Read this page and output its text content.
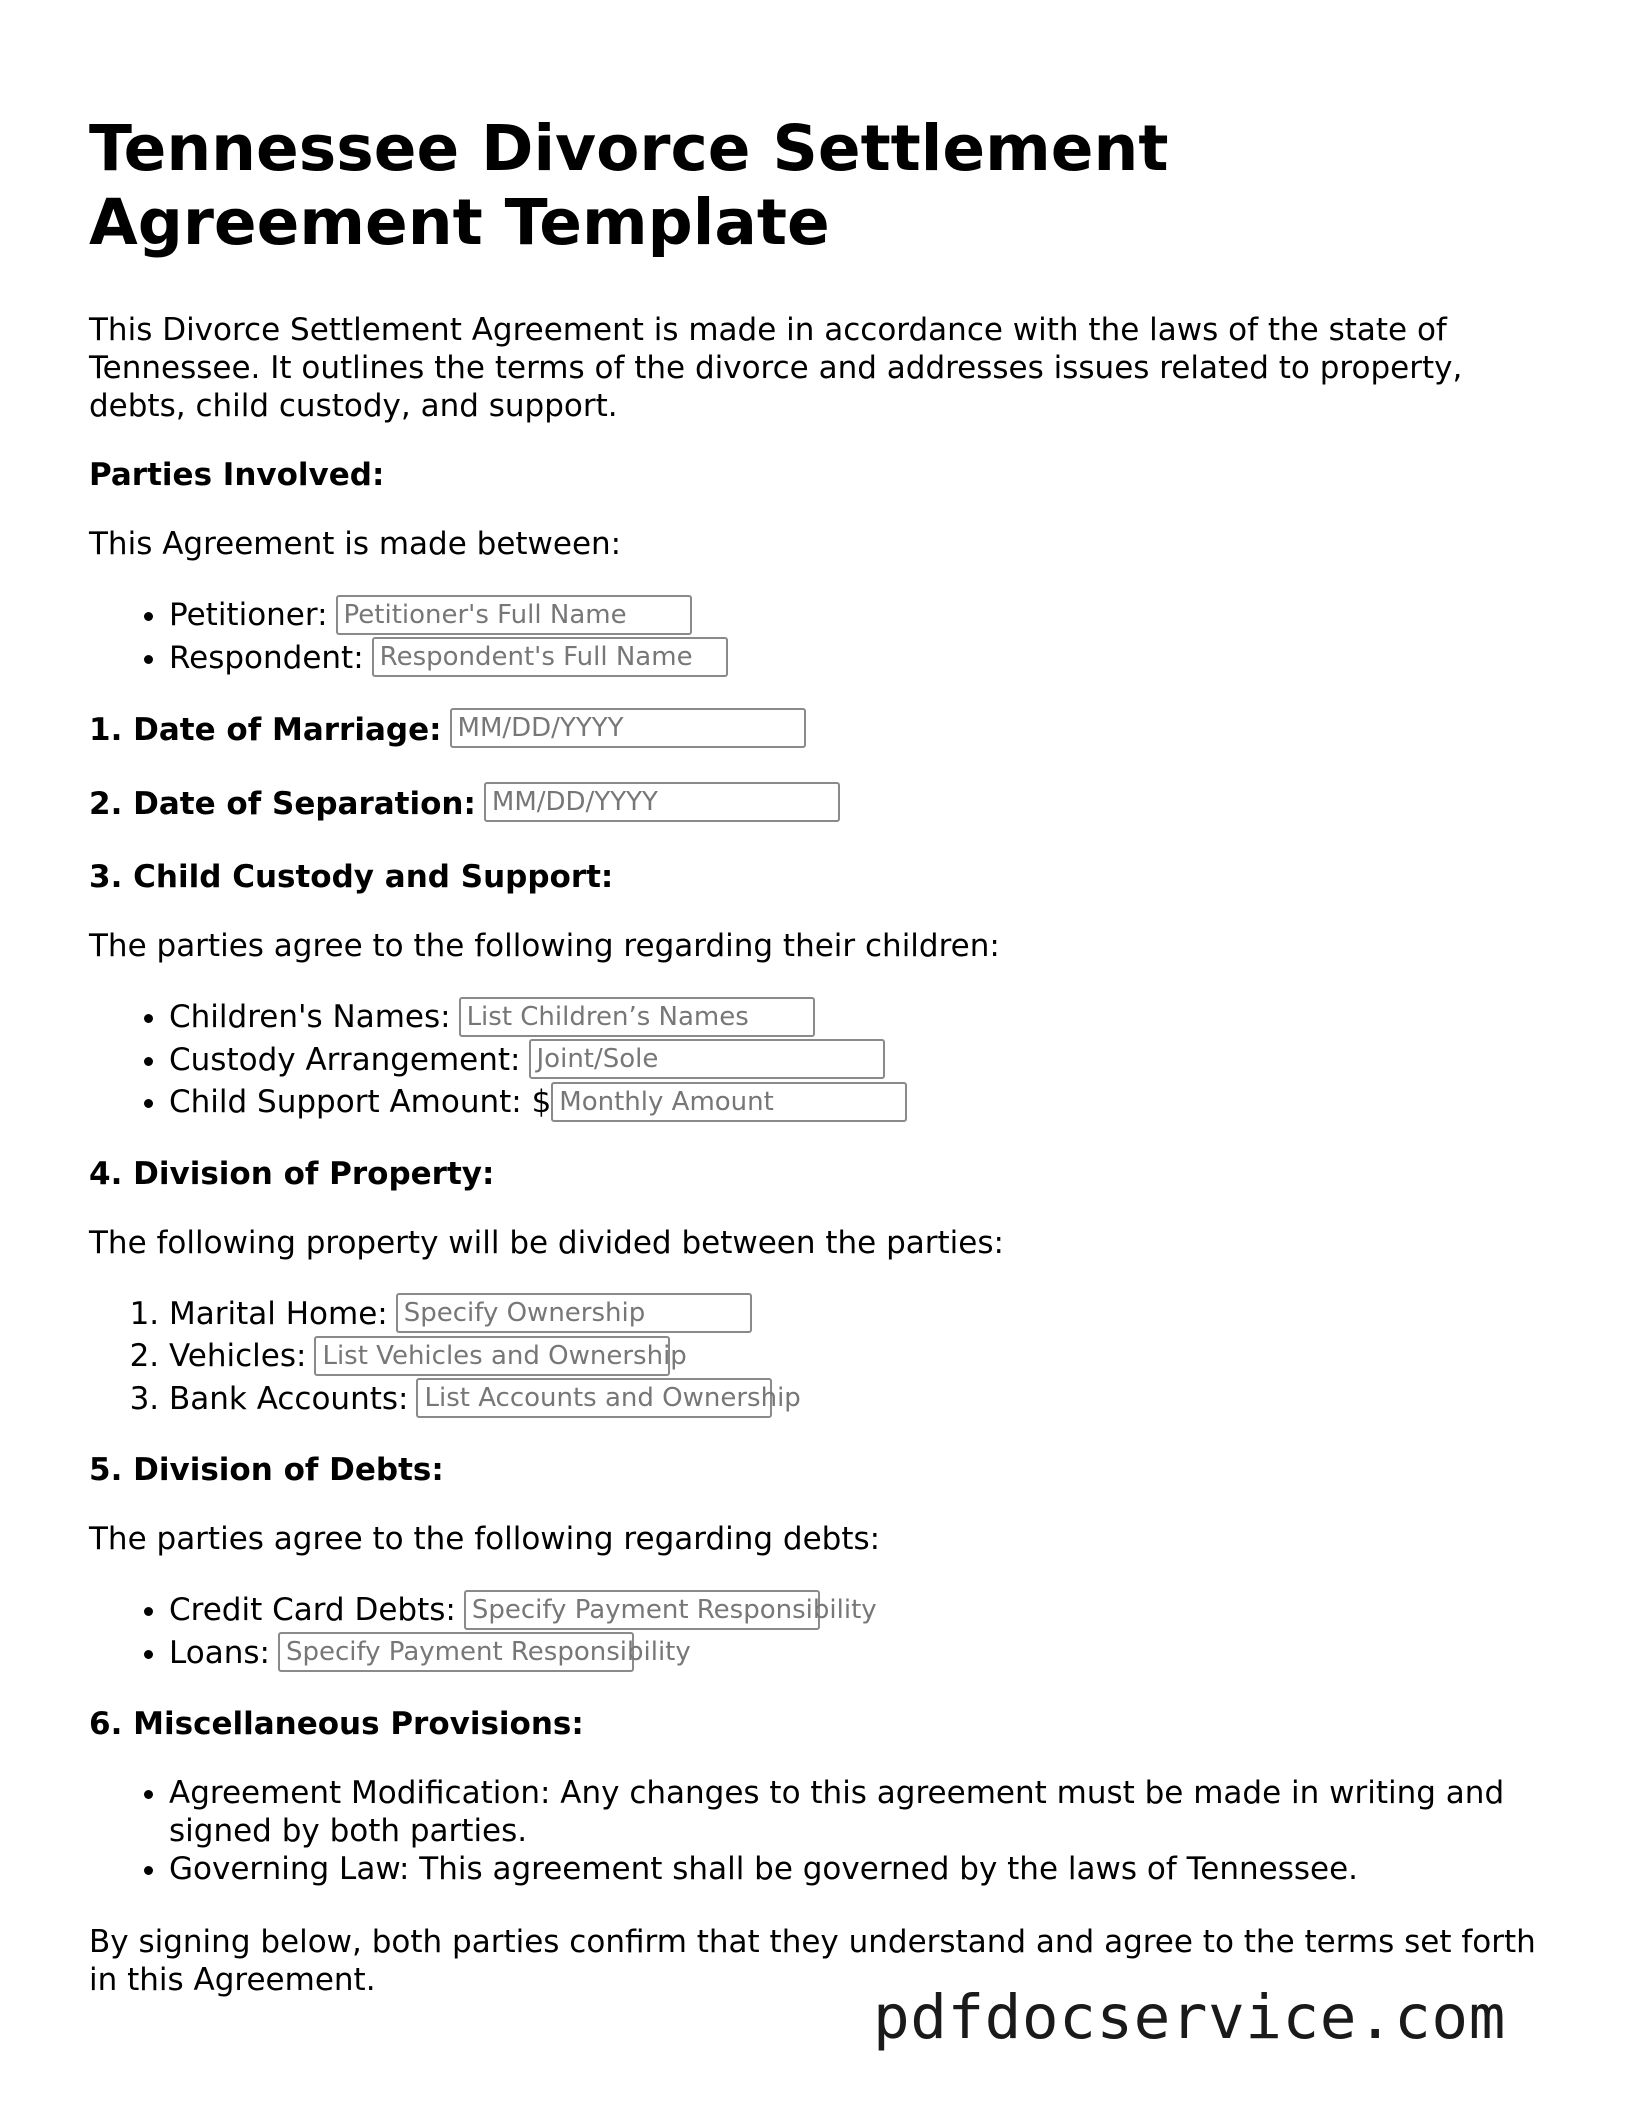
Tennessee Divorce Settlement Agreement Template

This Divorce Settlement Agreement is made in accordance with the laws of the state of Tennessee. It outlines the terms of the divorce and addresses issues related to property, debts, child custody, and support.

Parties Involved:

This Agreement is made between:

• Petitioner: Petitioner's Full Name
• Respondent: Respondent's Full Name
1. Date of Marriage: MM/DD/YYYY
2. Date of Separation: MM/DD/YYYY
3. Child Custody and Support:

The parties agree to the following regarding their children:

• Children's Names: List Children’s Names
• Custody Arrangement: Joint/Sole
• Child Support Amount: $ Monthly Amount
4. Division of Property:

The following property will be divided between the parties:

1. Marital Home: Specify Ownership
2. Vehicles: List Vehicles and Ownership
3. Bank Accounts: List Accounts and Ownership
5. Division of Debts:

The parties agree to the following regarding debts:

• Credit Card Debts: Specify Payment Responsibility
• Loans: Specify Payment Responsibility
6. Miscellaneous Provisions:
• Agreement Modification: Any changes to this agreement must be made in writing and signed by both parties.
• Governing Law: This agreement shall be governed by the laws of Tennessee.

By signing below, both parties confirm that they understand and agree to the terms set forth in this Agreement.

pdfdocservice.com
